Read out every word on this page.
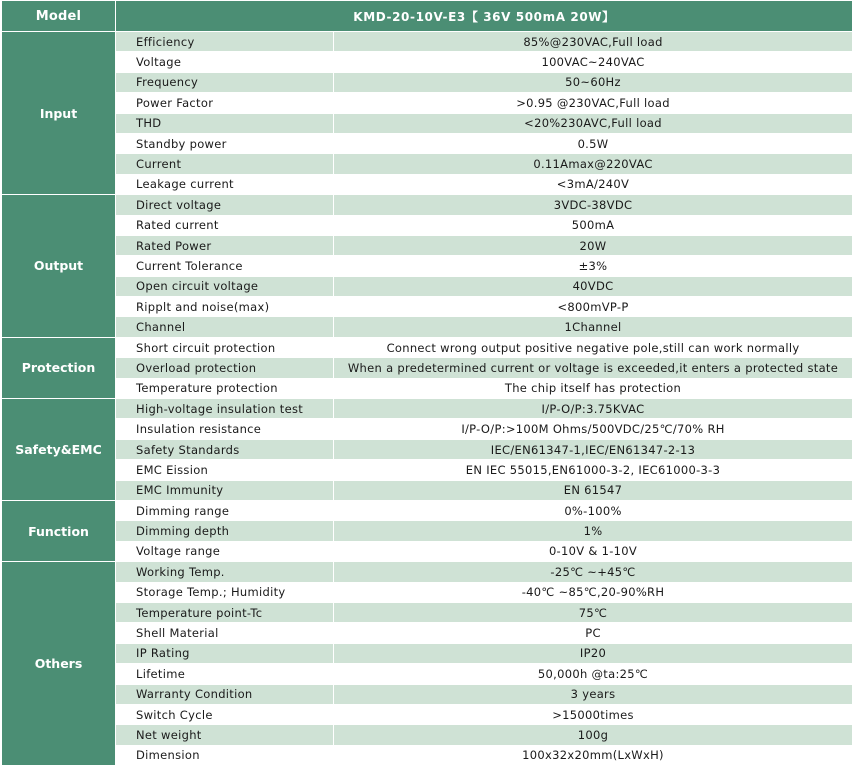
Model	KMD-20-10V-E3【 36V 500mA 20W】	
Input	Efficiency	85%@230VAC,Full load
	Voltage	100VAC~240VAC
	Frequency	50~60Hz
	Power Factor	>0.95 @230VAC,Full load
	THD	<20%230AVC,Full load
	Standby power	0.5W
	Current	0.11Amax@220VAC
	Leakage current	<3mA/240V
Output	Direct voltage	3VDC-38VDC
	Rated current	500mA
	Rated Power	20W
	Current Tolerance	±3%
	Open circuit voltage	40VDC
	Ripplt and noise(max)	<800mVP-P
	Channel	1Channel
Protection	Short circuit protection	Connect wrong output positive negative pole,still can work normally
	Overload protection	When a predetermined current or voltage is exceeded,it enters a protected state
	Temperature protection	The chip itself has protection
Safety&EMC	High-voltage insulation test	I/P-O/P:3.75KVAC
	Insulation resistance	I/P-O/P:>100M Ohms/500VDC/25℃/70% RH
	Safety Standards	IEC/EN61347-1,IEC/EN61347-2-13
	EMC Eission	EN IEC 55015,EN61000-3-2, IEC61000-3-3
	EMC Immunity	EN 61547
Function	Dimming range	0%-100%
	Dimming depth	1%
	Voltage range	0-10V & 1-10V
Others	Working Temp.	-25℃ ~+45℃
	Storage Temp.; Humidity	-40℃ ~85℃,20-90%RH
	Temperature point-Tc	75℃
	Shell Material	PC
	IP Rating	IP20
	Lifetime	50,000h @ta:25℃
	Warranty Condition	3 years
	Switch Cycle	>15000times
	Net weight	100g
	Dimension	100x32x20mm(LxWxH)
